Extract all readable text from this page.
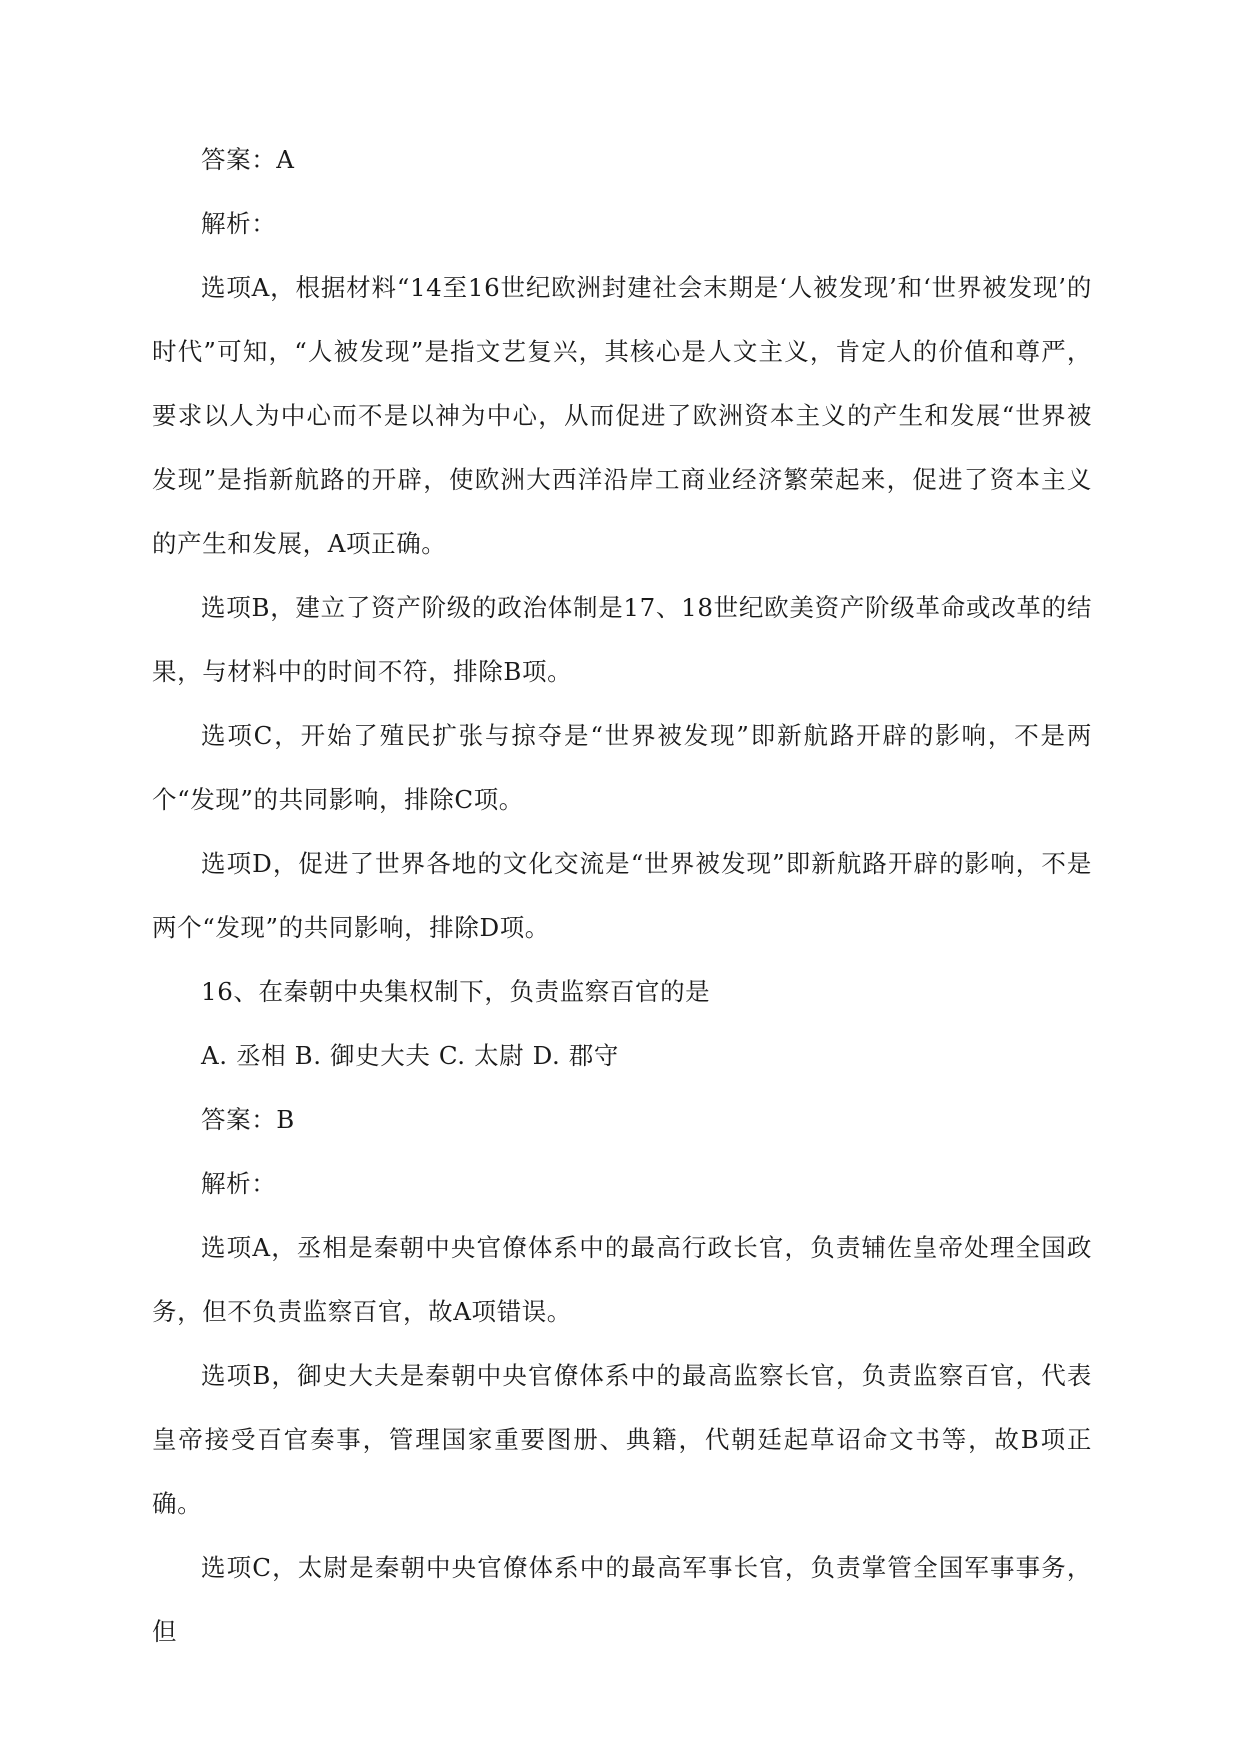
答案：A

解析：

选项A，根据材料“14至16世纪欧洲封建社会末期是‘人被发现’和‘世界被发现’的时代”可知，“人被发现”是指文艺复兴，其核心是人文主义，肯定人的价值和尊严，要求以人为中心而不是以神为中心，从而促进了欧洲资本主义的产生和发展“世界被发现”是指新航路的开辟，使欧洲大西洋沿岸工商业经济繁荣起来，促进了资本主义的产生和发展，A项正确。

选项B，建立了资产阶级的政治体制是17、18世纪欧美资产阶级革命或改革的结果，与材料中的时间不符，排除B项。

选项C，开始了殖民扩张与掠夺是“世界被发现”即新航路开辟的影响，不是两个“发现”的共同影响，排除C项。

选项D，促进了世界各地的文化交流是“世界被发现”即新航路开辟的影响，不是两个“发现”的共同影响，排除D项。

16、在秦朝中央集权制下，负责监察百官的是

A. 丞相 B. 御史大夫 C. 太尉 D. 郡守

答案：B

解析：

选项A，丞相是秦朝中央官僚体系中的最高行政长官，负责辅佐皇帝处理全国政务，但不负责监察百官，故A项错误。

选项B，御史大夫是秦朝中央官僚体系中的最高监察长官，负责监察百官，代表皇帝接受百官奏事，管理国家重要图册、典籍，代朝廷起草诏命文书等，故B项正确。

选项C，太尉是秦朝中央官僚体系中的最高军事长官，负责掌管全国军事事务，但
